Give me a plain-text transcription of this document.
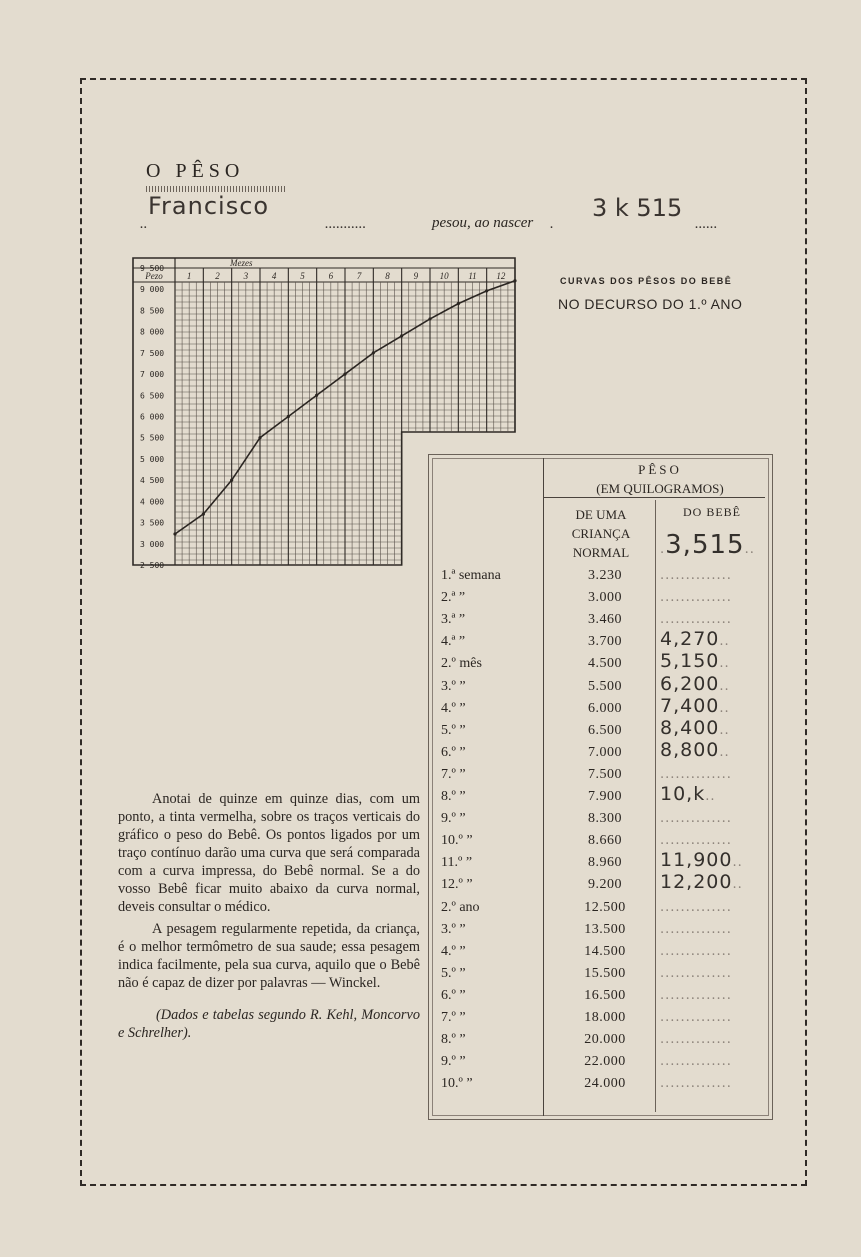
O PÊSO
..
Francisco
...........	pesou, ao nascer .
3 k 515
......
CURVAS DOS PÊSOS DO BEBÊ
NO DECURSO DO 1.º ANO
1	2	3	4	5	6	7	8	9 10 11 12
Mezes
Pezo
9 500
9 000
8 500
8 000
7 500
7 000
6 500
6 000
5 500
5 000
4 500
4 000
3 500
3 000
2 500

Anotai de quinze em quinze dias, com um ponto, a tinta vermelha, sobre os traços verticais do gráfico o peso do Bebê. Os pontos ligados por um traço contínuo darão uma curva que será comparada com a curva impressa, do Bebê normal. Se a do vosso Bebê ficar muito abaixo da curva normal, deveis consultar o médico.

A pesagem regularmente repetida, da criança, é o melhor termômetro de sua saude; essa pesagem indica facilmente, pela sua curva, aquilo que o Bebê não é capaz de dizer por palavras — Winckel.

(Dados e tabelas segundo R. Kehl, Moncorvo e Schrelher).

PÊSO
(EM QUILOGRAMOS)
DE UMA
CRIANÇA
NORMAL
DO BEBÊ
.3,515..
1.ª semana	3.230	..............
2.ª ”	3.000	..............
3.ª ”	3.460	..............
4.ª ”	3.700	4,270..
2.º mês	4.500	5,150..
3.º ”	5.500	6,200..
4.º ”	6.000	7,400..
5.º ”	6.500	8,400..
6.º ”	7.000	8,800..
7.º ”	7.500	..............
8.º ”	7.900	10,k..
9.º ”	8.300	..............
10.º ”	8.660	..............
11.º ”	8.960	11,900..
12.º ”	9.200	12,200..
2.º ano	12.500	..............
3.º ”	13.500	..............
4.º ”	14.500	..............
5.º ”	15.500	..............
6.º ”	16.500	..............
7.º ”	18.000	..............
8.º ”	20.000	..............
9.º ”	22.000	..............
10.º ”	24.000	..............
